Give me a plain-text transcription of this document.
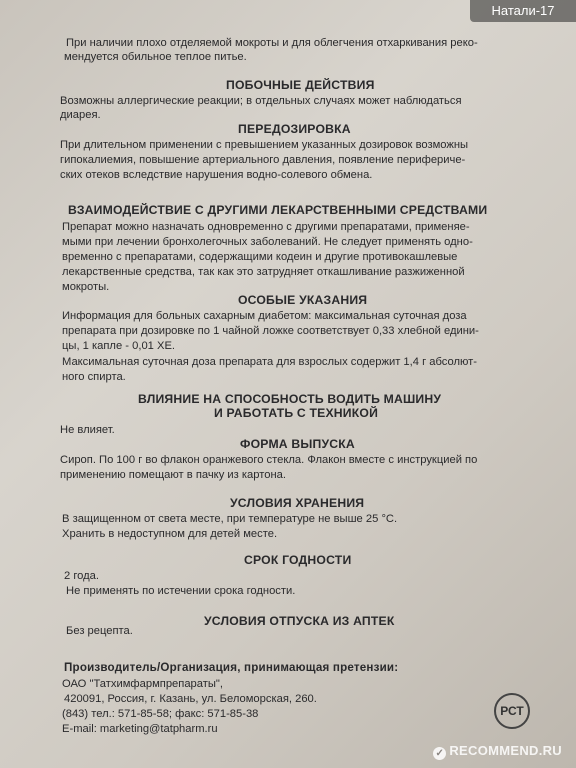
Натали-17
При наличии плохо отделяемой мокроты и для облегчения отхаркивания реко-
мендуется обильное теплое питье.
ПОБОЧНЫЕ ДЕЙСТВИЯ
Возможны аллергические реакции; в отдельных случаях может наблюдаться
диарея.
ПЕРЕДОЗИРОВКА
При длительном применении с превышением указанных дозировок возможны
гипокалиемия, повышение артериального давления, появление перифериче-
ских отеков вследствие нарушения водно-солевого обмена.
ВЗАИМОДЕЙСТВИЕ С ДРУГИМИ ЛЕКАРСТВЕННЫМИ СРЕДСТВАМИ
Препарат можно назначать одновременно с другими препаратами, применяе-
мыми при лечении бронхолегочных заболеваний. Не следует применять одно-
временно с препаратами, содержащими кодеин и другие противокашлевые
лекарственные средства, так как это затрудняет откашливание разжиженной
мокроты.
ОСОБЫЕ УКАЗАНИЯ
Информация для больных сахарным диабетом: максимальная суточная доза
препарата при дозировке по 1 чайной ложке соответствует 0,33 хлебной едини-
цы, 1 капле - 0,01 ХЕ.
Максимальная суточная доза препарата для взрослых содержит 1,4 г абсолют-
ного спирта.
ВЛИЯНИЕ НА СПОСОБНОСТЬ ВОДИТЬ МАШИНУ
И РАБОТАТЬ С ТЕХНИКОЙ
Не влияет.
ФОРМА ВЫПУСКА
Сироп. По 100 г во флакон оранжевого стекла. Флакон вместе с инструкцией по
применению помещают в пачку из картона.
УСЛОВИЯ ХРАНЕНИЯ
В защищенном от света месте, при температуре не выше 25 °С.
Хранить в недоступном для детей месте.
СРОК ГОДНОСТИ
2 года.
Не применять по истечении срока годности.
УСЛОВИЯ ОТПУСКА ИЗ АПТЕК
Без рецепта.
Производитель/Организация, принимающая претензии:
ОАО "Татхимфармпрепараты",
420091, Россия, г. Казань, ул. Беломорская, 260.
(843) тел.: 571-85-58; факс: 571-85-38
E-mail: marketing@tatpharm.ru
РСТ
✓ RECOMMEND.RU
